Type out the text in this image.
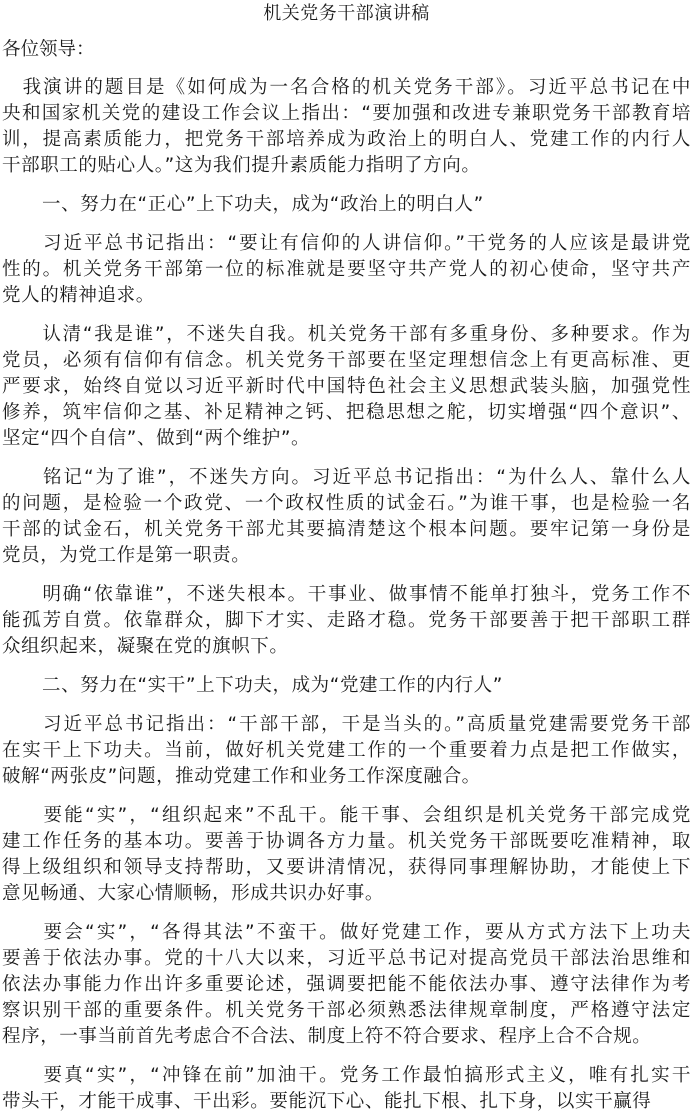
机关党务干部演讲稿
各位领导：
　我演讲的题目是《如何成为一名合格的机关党务干部》。习近平总书记在中
央和国家机关党的建设工作会议上指出：“要加强和改进专兼职党务干部教育培
训，提高素质能力，把党务干部培养成为政治上的明白人、党建工作的内行人
干部职工的贴心人。”这为我们提升素质能力指明了方向。
一、努力在“正心”上下功夫，成为“政治上的明白人”
　　习近平总书记指出：“要让有信仰的人讲信仰。”干党务的人应该是最讲党
性的。机关党务干部第一位的标准就是要坚守共产党人的初心使命，坚守共产
党人的精神追求。
　　认清“我是谁”，不迷失自我。机关党务干部有多重身份、多种要求。作为
党员，必须有信仰有信念。机关党务干部要在坚定理想信念上有更高标准、更
严要求，始终自觉以习近平新时代中国特色社会主义思想武装头脑，加强党性
修养，筑牢信仰之基、补足精神之钙、把稳思想之舵，切实增强“四个意识”、
坚定“四个自信”、做到“两个维护”。
　　铭记“为了谁”，不迷失方向。习近平总书记指出：“为什么人、靠什么人
的问题，是检验一个政党、一个政权性质的试金石。”为谁干事，也是检验一名
干部的试金石，机关党务干部尤其要搞清楚这个根本问题。要牢记第一身份是
党员，为党工作是第一职责。
　　明确“依靠谁”，不迷失根本。干事业、做事情不能单打独斗，党务工作不
能孤芳自赏。依靠群众，脚下才实、走路才稳。党务干部要善于把干部职工群
众组织起来，凝聚在党的旗帜下。
二、努力在“实干”上下功夫，成为“党建工作的内行人”
　　习近平总书记指出：“干部干部，干是当头的。”高质量党建需要党务干部
在实干上下功夫。当前，做好机关党建工作的一个重要着力点是把工作做实，
破解“两张皮”问题，推动党建工作和业务工作深度融合。
　　要能“实”，“组织起来”不乱干。能干事、会组织是机关党务干部完成党
建工作任务的基本功。要善于协调各方力量。机关党务干部既要吃准精神，取
得上级组织和领导支持帮助，又要讲清情况，获得同事理解协助，才能使上下
意见畅通、大家心情顺畅，形成共识办好事。
　　要会“实”，“各得其法”不蛮干。做好党建工作，要从方式方法下上功夫
要善于依法办事。党的十八大以来，习近平总书记对提高党员干部法治思维和
依法办事能力作出许多重要论述，强调要把能不能依法办事、遵守法律作为考
察识别干部的重要条件。机关党务干部必须熟悉法律规章制度，严格遵守法定
程序，一事当前首先考虑合不合法、制度上符不符合要求、程序上合不合规。
　　要真“实”，“冲锋在前”加油干。党务工作最怕搞形式主义，唯有扎实干
带头干，才能干成事、干出彩。要能沉下心、能扎下根、扎下身，以实干赢得
